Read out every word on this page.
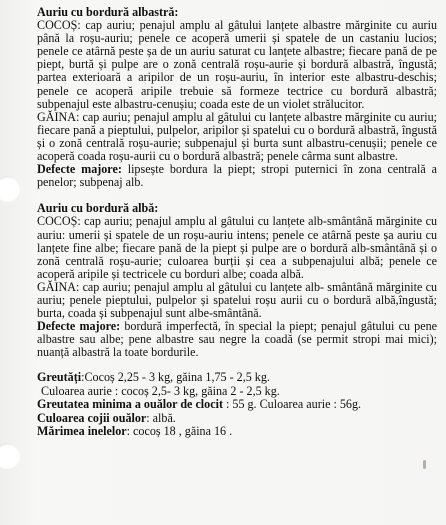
Auriu cu bordură albastră:

COCOȘ: cap auriu; penajul amplu al gâtului lanțete albastre mărginite cu auriu până la roșu-auriu; penele ce acoperă umerii și spatele de un castaniu lucios; penele ce atârnă peste șa de un auriu saturat cu lanțete albastre; fiecare pană de pe piept, burtă și pulpe are o zonă centrală roșu-aurie și bordură albastră, îngustă; partea exterioară a aripilor de un roșu-auriu, în interior este albastru-deschis; penele ce acoperă aripile trebuie să formeze tectrice cu bordură albastră; subpenajul este albastru-cenușiu; coada este de un violet strălucitor.

GĂINA: cap auriu; penajul amplu al gâtului cu lanțete albastre mărginite cu auriu; fiecare pană a pieptului, pulpelor, aripilor și spatelui cu o bordură albastră, îngustă și o zonă centrală roșu-aurie; subpenajul și burta sunt albastru-cenușii; penele ce acoperă coada roșu-aurii cu o bordură albastră; penele cârma sunt albastre.

Defecte majore: lipsește bordura la piept; stropi puternici în zona centrală a penelor; subpenaj alb.

Auriu cu bordură albă:

COCOȘ: cap auriu; penajul amplu al gâtului cu lanțete alb-smântână mărginite cu auriu: umerii și spatele de un roșu-auriu intens; penele ce atârnă peste șa auriu cu lanțete fine albe; fiecare pană de la piept și pulpe are o bordură alb-smântână și o zonă centrală roșu-aurie; culoarea burții și cea a subpenajului albă; penele ce acoperă aripile și tectricele cu borduri albe; coada albă.

GĂINA: cap auriu; penajul amplu al gâtului cu lanțete alb- smântână mărginite cu auriu; penele pieptului, pulpelor și spatelui roșu aurii cu o bordură albă,îngustă; burta, coada și subpenajul sunt albe-smântână.

Defecte majore: bordură imperfectă, în special la piept; penajul gâtului cu pene albastre sau albe; pene albastre sau negre la coadă (se permit stropi mai mici); nuanță albastră la toate bordurile.

Greutăți:Cocoș 2,25 - 3 kg, găina 1,75 - 2,5 kg.

Culoarea aurie : cocoș 2,5- 3 kg, găina 2 - 2,5 kg.

Greutatea minima a ouălor de clocit : 55 g. Culoarea aurie : 56g.

Culoarea cojii ouălor: albă.

Mărimea inelelor: cocoș 18 , găina 16 .
